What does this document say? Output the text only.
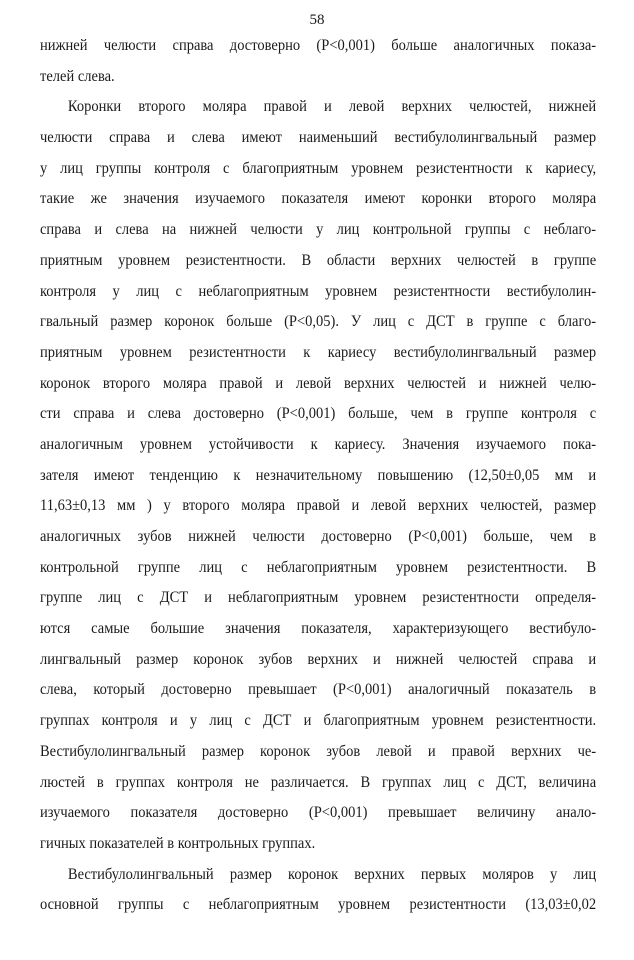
58
нижней челюсти справа достоверно (Р<0,001) больше аналогичных показа-
телей слева.
Коронки второго моляра правой и левой верхних челюстей, нижней
челюсти справа и слева имеют наименьший вестибулолингвальный размер
у лиц группы контроля с благоприятным уровнем резистентности к кариесу,
такие же значения изучаемого показателя имеют коронки второго моляра
справа и слева на нижней челюсти у лиц контрольной группы с неблаго-
приятным уровнем резистентности. В области верхних челюстей в группе
контроля у лиц с неблагоприятным уровнем резистентности вестибулолин-
гвальный размер коронок больше (Р<0,05). У лиц с ДСТ в группе с благо-
приятным уровнем резистентности к кариесу вестибулолингвальный размер
коронок второго моляра правой и левой верхних челюстей и нижней челю-
сти справа и слева достоверно (Р<0,001) больше, чем в группе контроля с
аналогичным уровнем устойчивости к кариесу. Значения изучаемого пока-
зателя имеют тенденцию к незначительному повышению (12,50±0,05 мм и
11,63±0,13 мм ) у второго моляра правой и левой верхних челюстей, размер
аналогичных зубов нижней челюсти достоверно (Р<0,001) больше, чем в
контрольной группе лиц с неблагоприятным уровнем резистентности. В
группе лиц с ДСТ и неблагоприятным уровнем резистентности определя-
ются самые большие значения показателя, характеризующего вестибуло-
лингвальный размер коронок зубов верхних и нижней челюстей справа и
слева, который достоверно превышает (Р<0,001) аналогичный показатель в
группах контроля и у лиц с ДСТ и благоприятным уровнем резистентности.
Вестибулолингвальный размер коронок зубов левой и правой верхних че-
люстей в группах контроля не различается. В группах лиц с ДСТ, величина
изучаемого показателя достоверно (Р<0,001) превышает величину анало-
гичных показателей в контрольных группах.
Вестибулолингвальный размер коронок верхних первых моляров у лиц
основной группы с неблагоприятным уровнем резистентности (13,03±0,02
